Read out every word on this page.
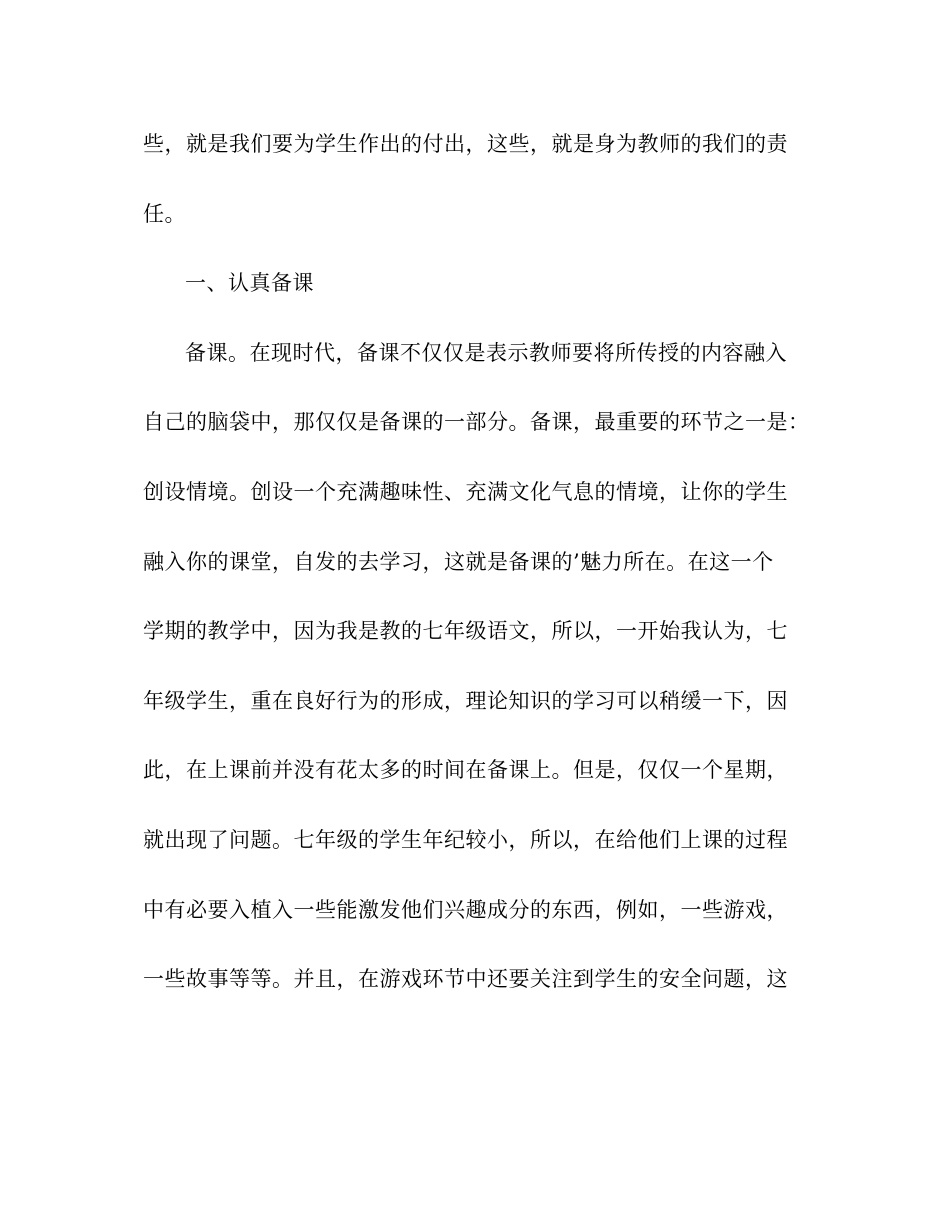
些，就是我们要为学生作出的付出，这些，就是身为教师的我们的责
任。
一、认真备课
备课。在现时代，备课不仅仅是表示教师要将所传授的内容融入
自己的脑袋中，那仅仅是备课的一部分。备课，最重要的环节之一是：
创设情境。创设一个充满趣味性、充满文化气息的情境，让你的学生
融入你的课堂，自发的去学习，这就是备课的’魅力所在。在这一个
学期的教学中，因为我是教的七年级语文，所以，一开始我认为，七
年级学生，重在良好行为的形成，理论知识的学习可以稍缓一下，因
此，在上课前并没有花太多的时间在备课上。但是，仅仅一个星期，
就出现了问题。七年级的学生年纪较小，所以，在给他们上课的过程
中有必要入植入一些能激发他们兴趣成分的东西，例如，一些游戏，
一些故事等等。并且，在游戏环节中还要关注到学生的安全问题，这
